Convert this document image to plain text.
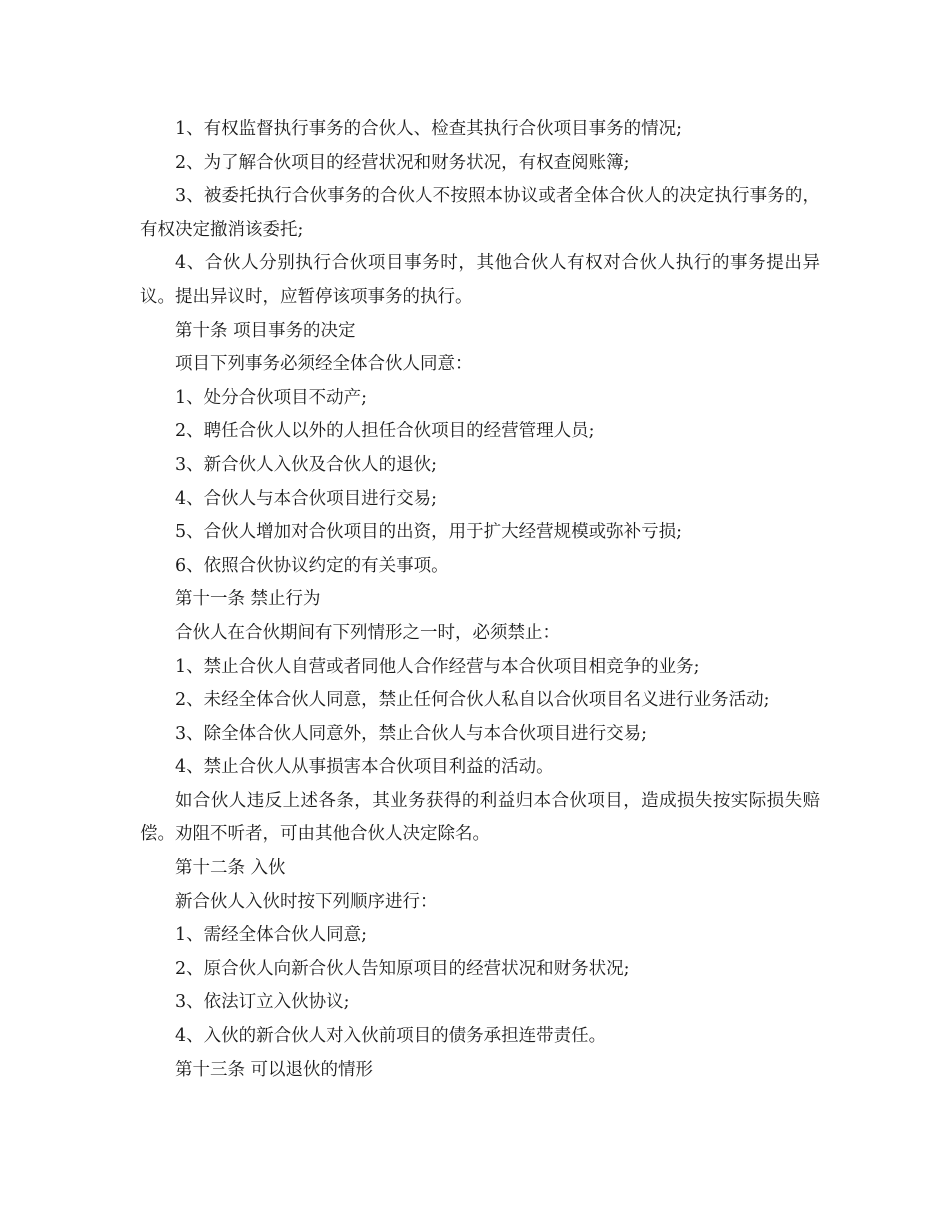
1、有权监督执行事务的合伙人、检查其执行合伙项目事务的情况;

2、为了解合伙项目的经营状况和财务状况，有权查阅账簿;

3、被委托执行合伙事务的合伙人不按照本协议或者全体合伙人的决定执行事务的，有权决定撤消该委托;

4、合伙人分别执行合伙项目事务时，其他合伙人有权对合伙人执行的事务提出异议。提出异议时，应暂停该项事务的执行。

第十条 项目事务的决定

项目下列事务必须经全体合伙人同意：

1、处分合伙项目不动产;

2、聘任合伙人以外的人担任合伙项目的经营管理人员;

3、新合伙人入伙及合伙人的退伙;

4、合伙人与本合伙项目进行交易;

5、合伙人增加对合伙项目的出资，用于扩大经营规模或弥补亏损;

6、依照合伙协议约定的有关事项。

第十一条 禁止行为

合伙人在合伙期间有下列情形之一时，必须禁止：

1、禁止合伙人自营或者同他人合作经营与本合伙项目相竞争的业务;

2、未经全体合伙人同意，禁止任何合伙人私自以合伙项目名义进行业务活动;

3、除全体合伙人同意外，禁止合伙人与本合伙项目进行交易;

4、禁止合伙人从事损害本合伙项目利益的活动。

如合伙人违反上述各条，其业务获得的利益归本合伙项目，造成损失按实际损失赔偿。劝阻不听者，可由其他合伙人决定除名。

第十二条 入伙

新合伙人入伙时按下列顺序进行：

1、需经全体合伙人同意;

2、原合伙人向新合伙人告知原项目的经营状况和财务状况;

3、依法订立入伙协议;

4、入伙的新合伙人对入伙前项目的债务承担连带责任。

第十三条 可以退伙的情形
